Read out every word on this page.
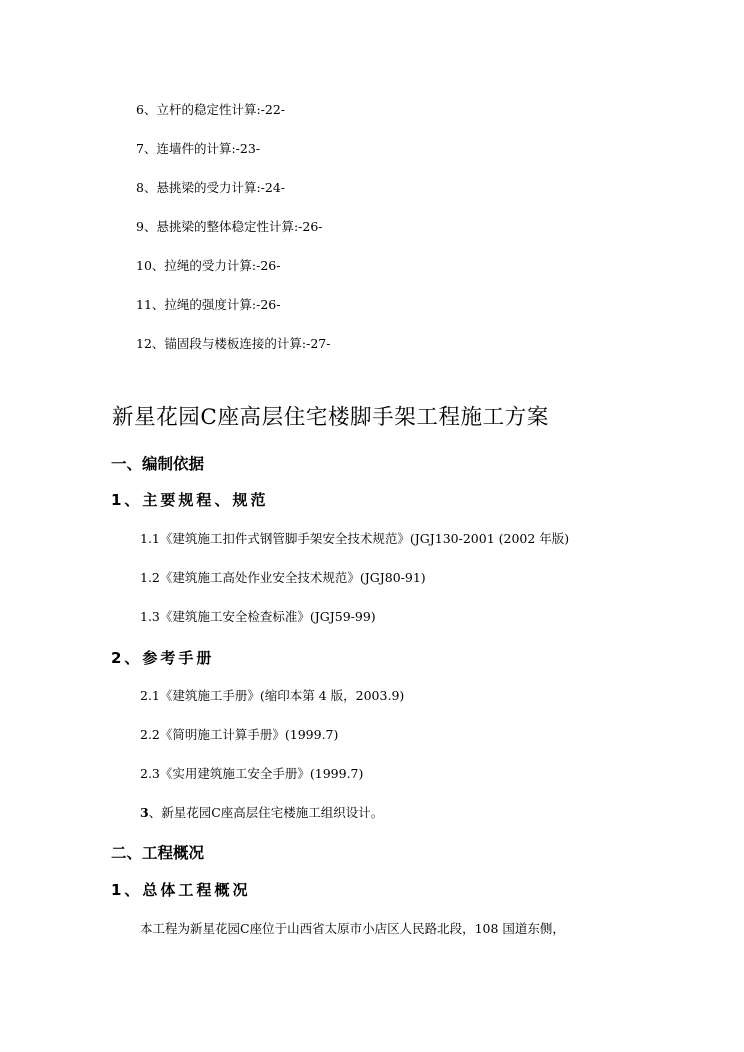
6、立杆的稳定性计算:-22-
7、连墙件的计算:-23-
8、悬挑梁的受力计算:-24-
9、悬挑梁的整体稳定性计算:-26-
10、拉绳的受力计算:-26-
11、拉绳的强度计算:-26-
12、锚固段与楼板连接的计算:-27-
新星花园C座高层住宅楼脚手架工程施工方案
一、编制依据
1、主要规程、规范
1.1《建筑施工扣件式钢管脚手架安全技术规范》(JGJ130-2001 (2002 年版)
1.2《建筑施工高处作业安全技术规范》(JGJ80-91)
1.3《建筑施工安全检查标准》(JGJ59-99)
2、参考手册
2.1《建筑施工手册》(缩印本第 4 版，2003.9)
2.2《简明施工计算手册》(1999.7)
2.3《实用建筑施工安全手册》(1999.7)
3、新星花园C座高层住宅楼施工组织设计。
二、工程概况
1、总体工程概况
本工程为新星花园C座位于山西省太原市小店区人民路北段，108 国道东侧，
